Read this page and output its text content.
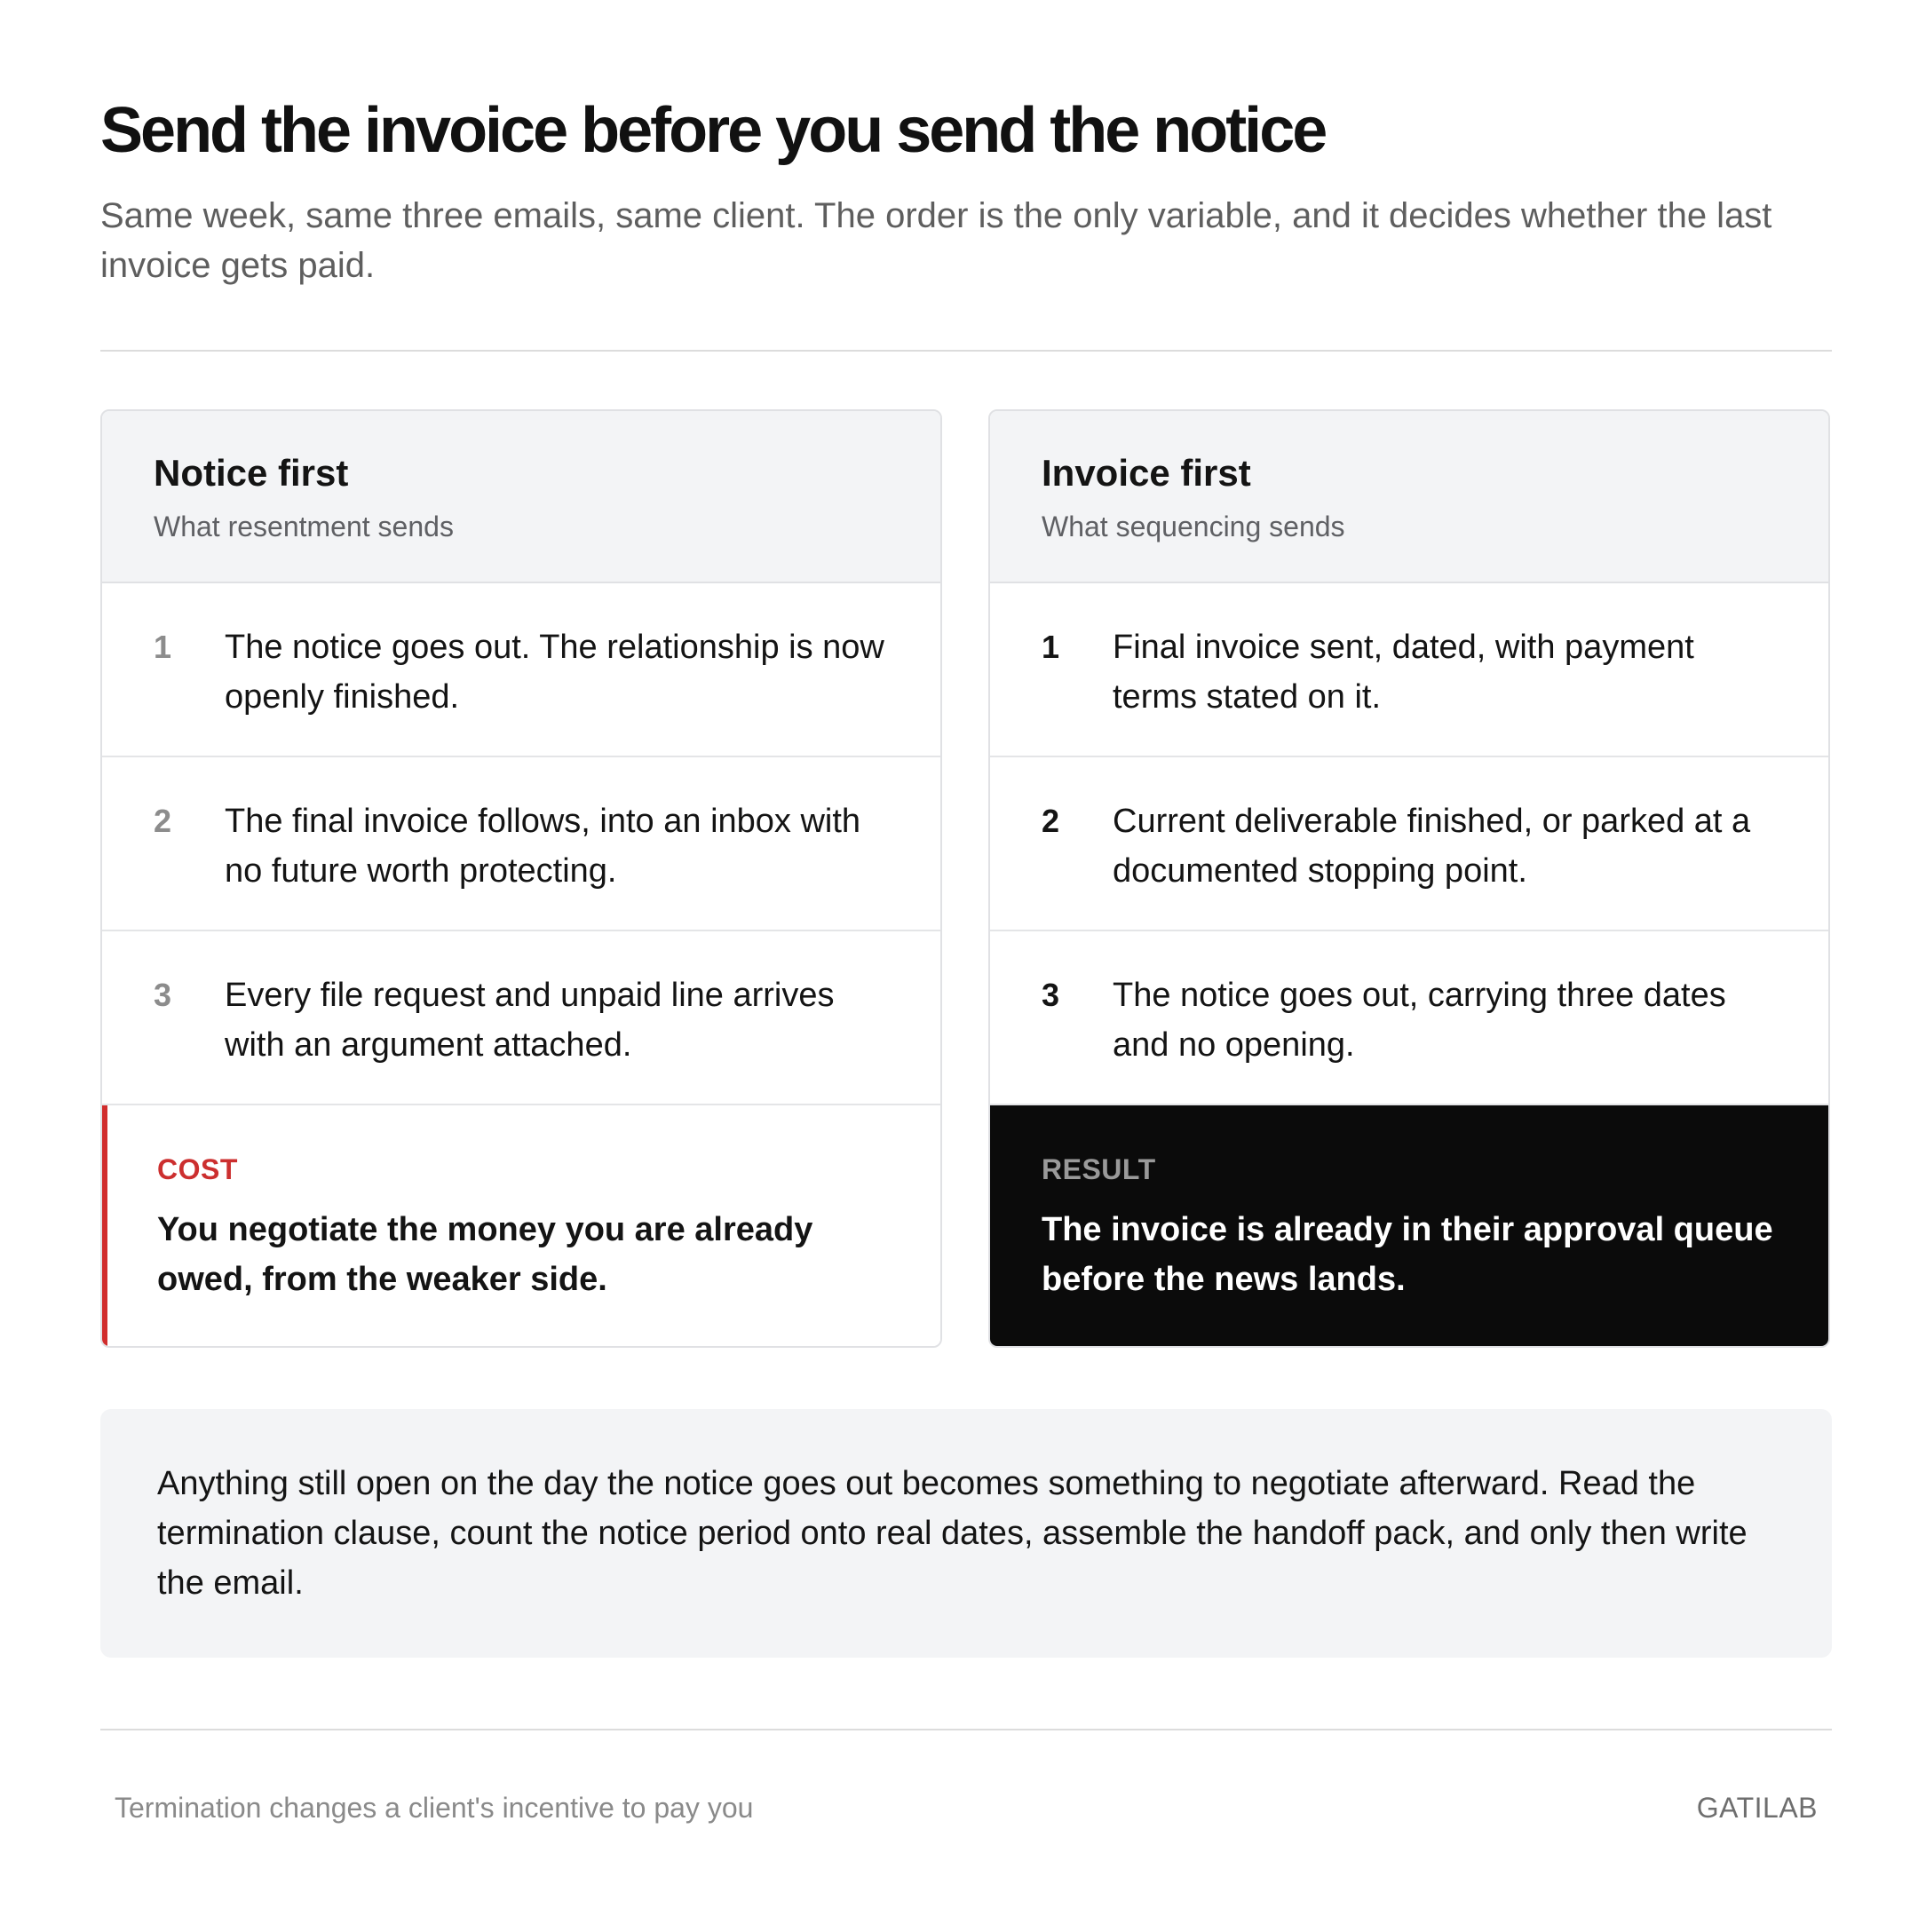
Send the invoice before you send the notice

Same week, same three emails, same client. The order is the only variable, and it decides whether the last invoice gets paid.

Notice first
What resentment sends
1 The notice goes out. The relationship is now openly finished.
2 The final invoice follows, into an inbox with no future worth protecting.
3 Every file request and unpaid line arrives with an argument attached.
COST
You negotiate the money you are already owed, from the weaker side.
Invoice first
What sequencing sends
1 Final invoice sent, dated, with payment terms stated on it.
2 Current deliverable finished, or parked at a documented stopping point.
3 The notice goes out, carrying three dates and no opening.
RESULT
The invoice is already in their approval queue before the news lands.
Anything still open on the day the notice goes out becomes something to negotiate afterward. Read the termination clause, count the notice period onto real dates, assemble the handoff pack, and only then write the email.
Termination changes a client's incentive to pay you	GATILAB
